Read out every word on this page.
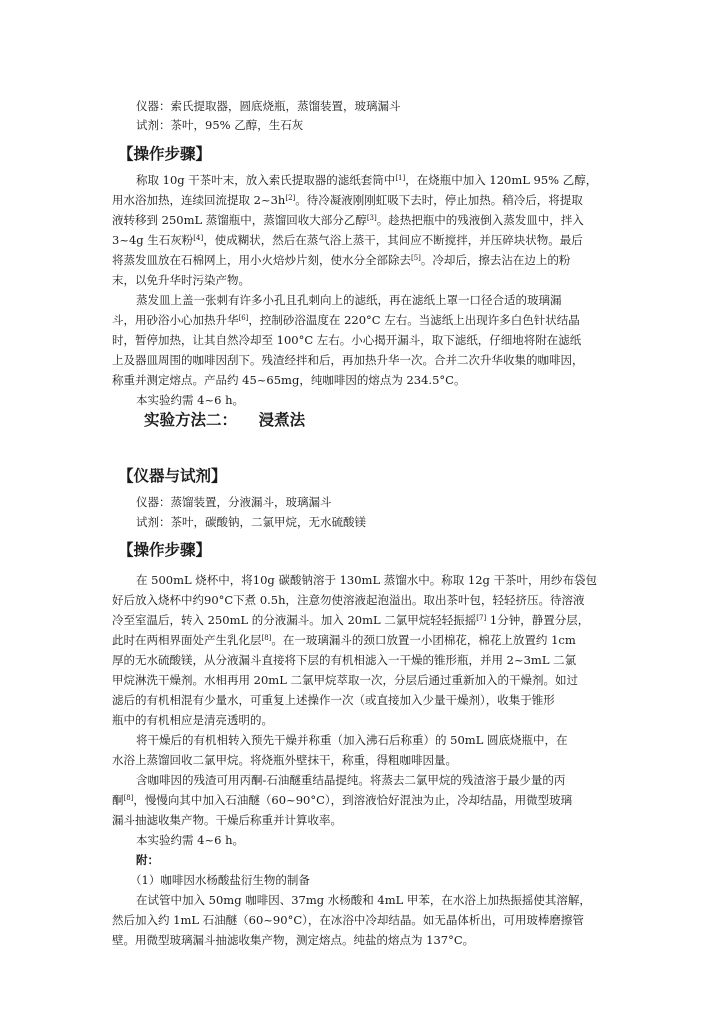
仪器：索氏提取器，圆底烧瓶，蒸馏装置，玻璃漏斗
试剂：茶叶，95% 乙醇，生石灰
【操作步骤】
称取 10g 干茶叶末，放入索氏提取器的滤纸套筒中[1]，在烧瓶中加入 120mL 95% 乙醇，
用水浴加热，连续回流提取 2~3h[2]。待冷凝液刚刚虹吸下去时，停止加热。稍冷后，将提取
液转移到 250mL 蒸馏瓶中，蒸馏回收大部分乙醇[3]。趁热把瓶中的残液倒入蒸发皿中，拌入
3~4g 生石灰粉[4]，使成糊状，然后在蒸气浴上蒸干，其间应不断搅拌，并压碎块状物。最后
将蒸发皿放在石棉网上，用小火焙炒片刻，使水分全部除去[5]。冷却后，擦去沾在边上的粉
末，以免升华时污染产物。
蒸发皿上盖一张刺有许多小孔且孔刺向上的滤纸，再在滤纸上罩一口径合适的玻璃漏
斗，用砂浴小心加热升华[6]，控制砂浴温度在 220°C 左右。当滤纸上出现许多白色针状结晶
时，暂停加热，让其自然冷却至 100°C 左右。小心揭开漏斗，取下滤纸，仔细地将附在滤纸
上及器皿周围的咖啡因刮下。残渣经拌和后，再加热升华一次。合并二次升华收集的咖啡因，
称重并测定熔点。产品约 45~65mg，纯咖啡因的熔点为 234.5°C。
本实验约需 4~6 h。
实验方法二： 浸煮法
【仪器与试剂】
仪器：蒸馏装置，分液漏斗，玻璃漏斗
试剂：茶叶，碳酸钠，二氯甲烷，无水硫酸镁
【操作步骤】
在 500mL 烧杯中，将10g 碳酸钠溶于 130mL 蒸馏水中。称取 12g 干茶叶，用纱布袋包
好后放入烧杯中约90°C下煮 0.5h，注意勿使溶液起泡溢出。取出茶叶包，轻轻挤压。待溶液
冷至室温后，转入 250mL 的分液漏斗。加入 20mL 二氯甲烷轻轻振摇[7] 1分钟，静置分层，
此时在两相界面处产生乳化层[8]。在一玻璃漏斗的颈口放置一小团棉花，棉花上放置约 1cm
厚的无水硫酸镁，从分液漏斗直接将下层的有机相滤入一干燥的锥形瓶，并用 2~3mL 二氯
甲烷淋洗干燥剂。水相再用 20mL 二氯甲烷萃取一次，分层后通过重新加入的干燥剂。如过
滤后的有机相混有少量水，可重复上述操作一次（或直接加入少量干燥剂），收集于锥形
瓶中的有机相应是清亮透明的。
将干燥后的有机相转入预先干燥并称重（加入沸石后称重）的 50mL 圆底烧瓶中，在
水浴上蒸馏回收二氯甲烷。将烧瓶外壁抹干，称重，得粗咖啡因量。
含咖啡因的残渣可用丙酮-石油醚重结晶提纯。将蒸去二氯甲烷的残渣溶于最少量的丙
酮[8]，慢慢向其中加入石油醚（60~90°C），到溶液恰好混浊为止，冷却结晶，用微型玻璃
漏斗抽滤收集产物。干燥后称重并计算收率。
本实验约需 4~6 h。
附：
（1）咖啡因水杨酸盐衍生物的制备
在试管中加入 50mg 咖啡因、37mg 水杨酸和 4mL 甲苯，在水浴上加热振摇使其溶解，
然后加入约 1mL 石油醚（60~90°C），在冰浴中冷却结晶。如无晶体析出，可用玻棒磨擦管
壁。用微型玻璃漏斗抽滤收集产物，测定熔点。纯盐的熔点为 137°C。
